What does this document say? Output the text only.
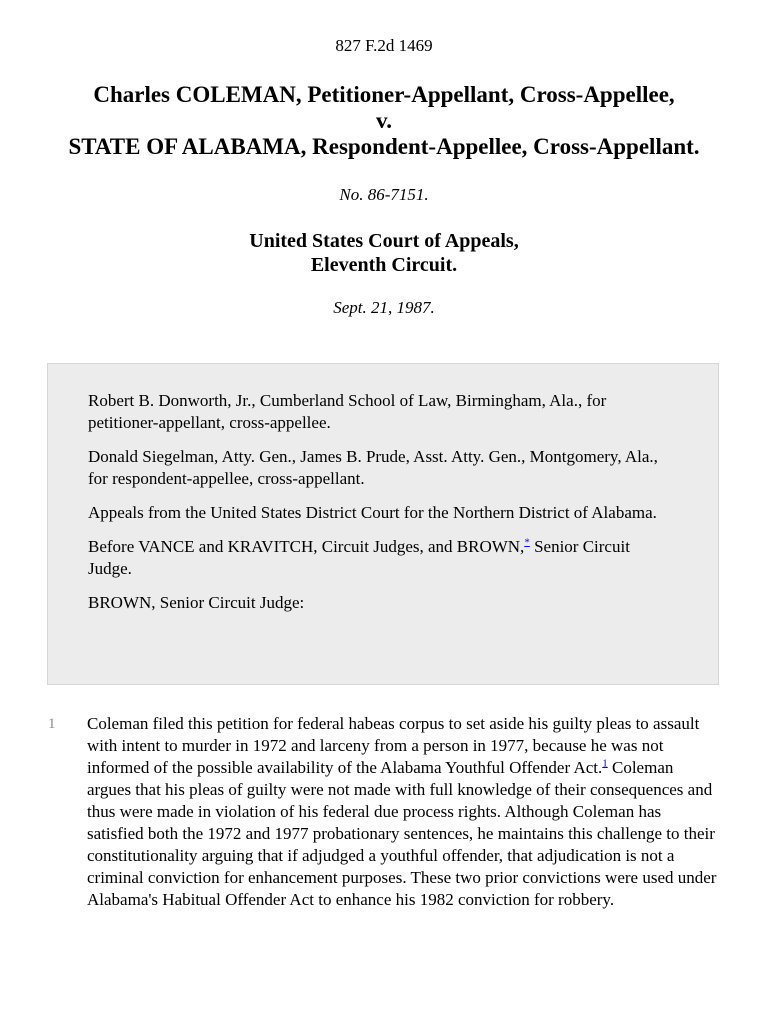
827 F.2d 1469
Charles COLEMAN, Petitioner-Appellant, Cross-Appellee,
v.
STATE OF ALABAMA, Respondent-Appellee, Cross-Appellant.
No. 86-7151.
United States Court of Appeals,
Eleventh Circuit.
Sept. 21, 1987.

Robert B. Donworth, Jr., Cumberland School of Law, Birmingham, Ala., for petitioner-appellant, cross-appellee.

Donald Siegelman, Atty. Gen., James B. Prude, Asst. Atty. Gen., Montgomery, Ala., for respondent-appellee, cross-appellant.

Appeals from the United States District Court for the Northern District of Alabama.

Before VANCE and KRAVITCH, Circuit Judges, and BROWN,* Senior Circuit Judge.

BROWN, Senior Circuit Judge:

1 Coleman filed this petition for federal habeas corpus to set aside his guilty pleas to assault with intent to murder in 1972 and larceny from a person in 1977, because he was not informed of the possible availability of the Alabama Youthful Offender Act.$^1$ Coleman argues that his pleas of guilty were not made with full knowledge of their consequences and thus were made in violation of his federal due process rights. Although Coleman has satisfied both the 1972 and 1977 probationary sentences, he maintains this challenge to their constitutionality arguing that if adjudged a youthful offender, that adjudication is not a criminal conviction for enhancement purposes. These two prior convictions were used under Alabama's Habitual Offender Act to enhance his 1982 conviction for robbery.
